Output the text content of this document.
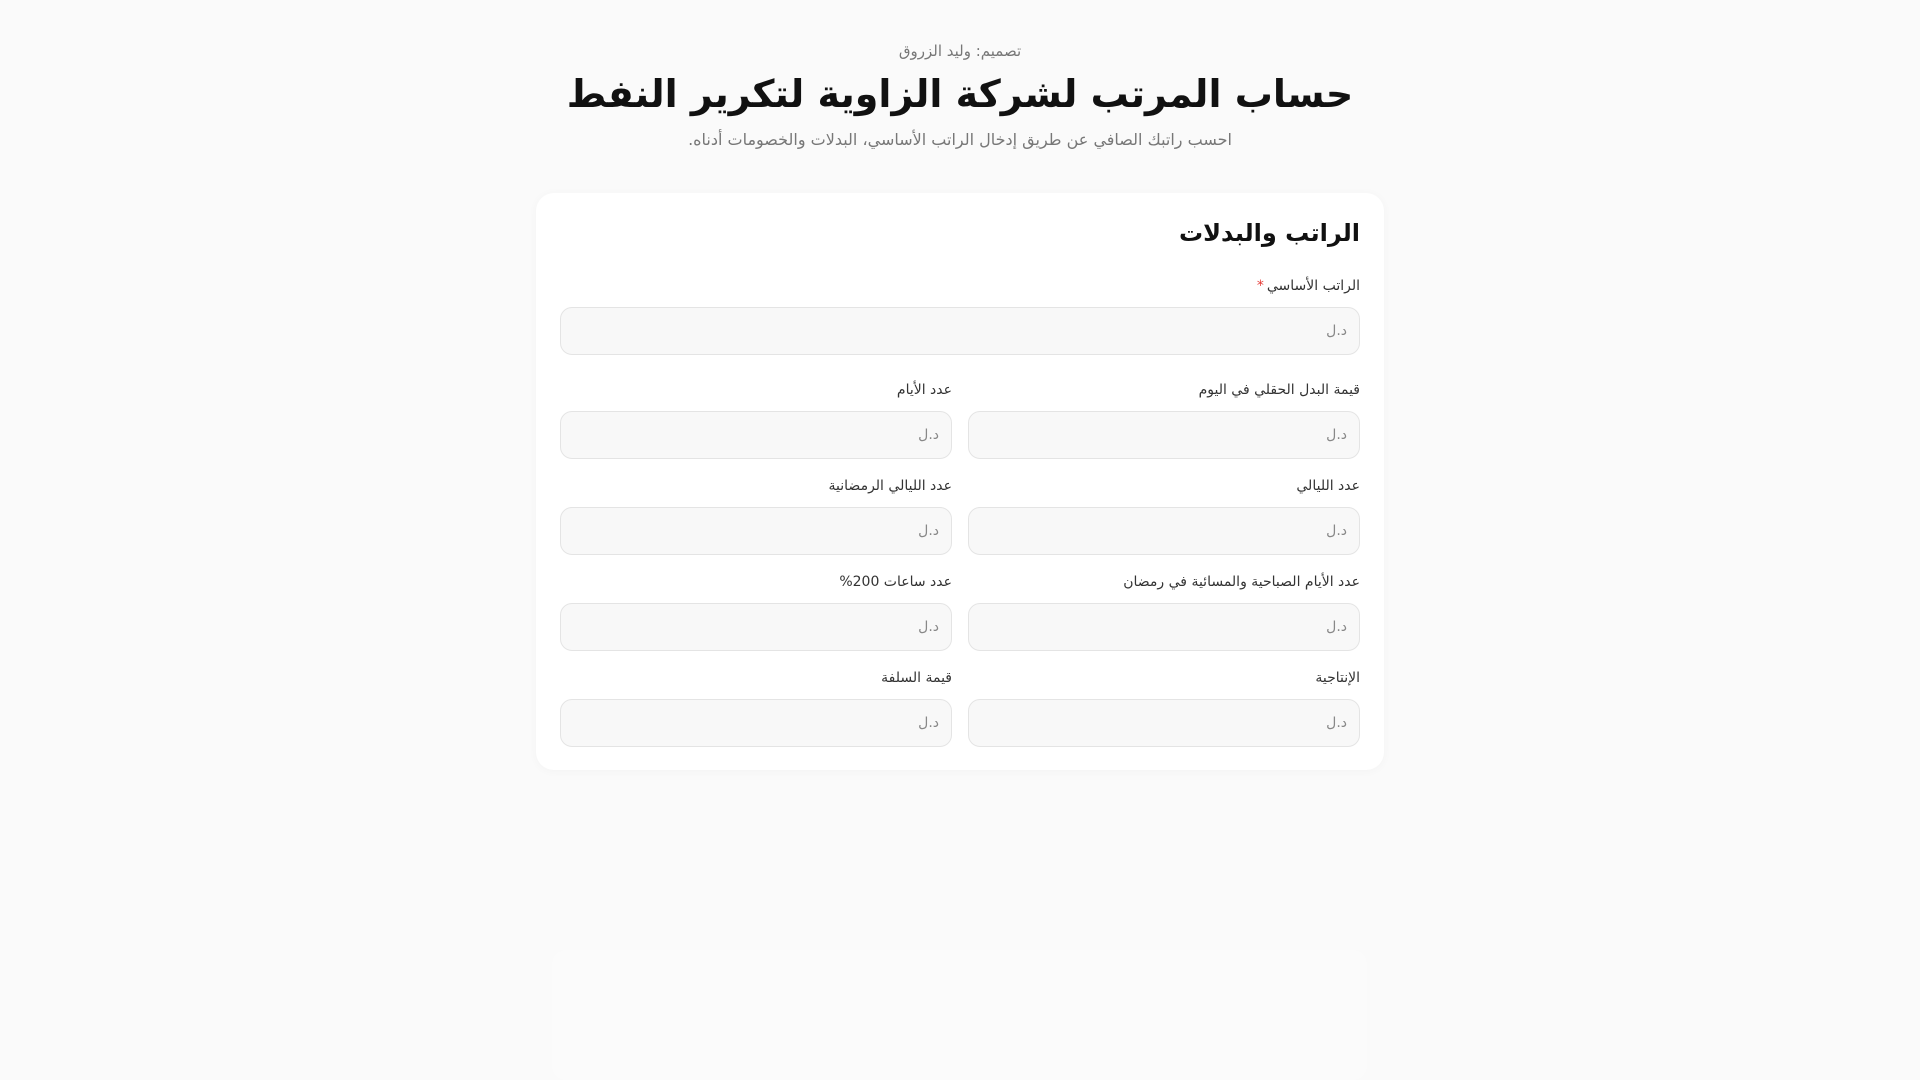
تصميم: وليد الزروق
حساب المرتب لشركة الزاوية لتكرير النفط

احسب راتبك الصافي عن طريق إدخال الراتب الأساسي، البدلات والخصومات أدناه.

الراتب والبدلات
الراتب الأساسي*
د.ل
قيمة البدل الحقلي في اليوم
د.ل
عدد الأيام
د.ل
عدد الليالي
د.ل
عدد الليالي الرمضانية
د.ل
عدد الأيام الصباحية والمسائية في رمضان
د.ل
عدد ساعات 200%
د.ل
الإنتاجية
د.ل
قيمة السلفة
د.ل
